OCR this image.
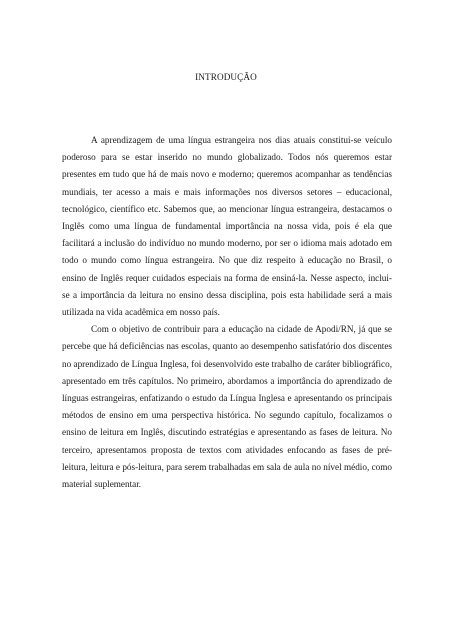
INTRODUÇÃO

A aprendizagem de uma língua estrangeira nos dias atuais constitui-se veículo poderoso para se estar inserido no mundo globalizado. Todos nós queremos estar presentes em tudo que há de mais novo e moderno; queremos acompanhar as tendências mundiais, ter acesso a mais e mais informações nos diversos setores – educacional, tecnológico, científico etc. Sabemos que, ao mencionar língua estrangeira, destacamos o Inglês como uma língua de fundamental importância na nossa vida, pois é ela que facilitará a inclusão do indivíduo no mundo moderno, por ser o idioma mais adotado em todo o mundo como língua estrangeira. No que diz respeito à educação no Brasil, o ensino de Inglês requer cuidados especiais na forma de ensiná-la. Nesse aspecto, inclui-se a importância da leitura no ensino dessa disciplina, pois esta habilidade será a mais utilizada na vida acadêmica em nosso país.

Com o objetivo de contribuir para a educação na cidade de Apodi/RN, já que se percebe que há deficiências nas escolas, quanto ao desempenho satisfatório dos discentes no aprendizado de Língua Inglesa, foi desenvolvido este trabalho de caráter bibliográfico, apresentado em três capítulos. No primeiro, abordamos a importância do aprendizado de línguas estrangeiras, enfatizando o estudo da Língua Inglesa e apresentando os principais métodos de ensino em uma perspectiva histórica. No segundo capítulo, focalizamos o ensino de leitura em Inglês, discutindo estratégias e apresentando as fases de leitura. No terceiro, apresentamos proposta de textos com atividades enfocando as fases de pré-leitura, leitura e pós-leitura, para serem trabalhadas em sala de aula no nível médio, como material suplementar.
